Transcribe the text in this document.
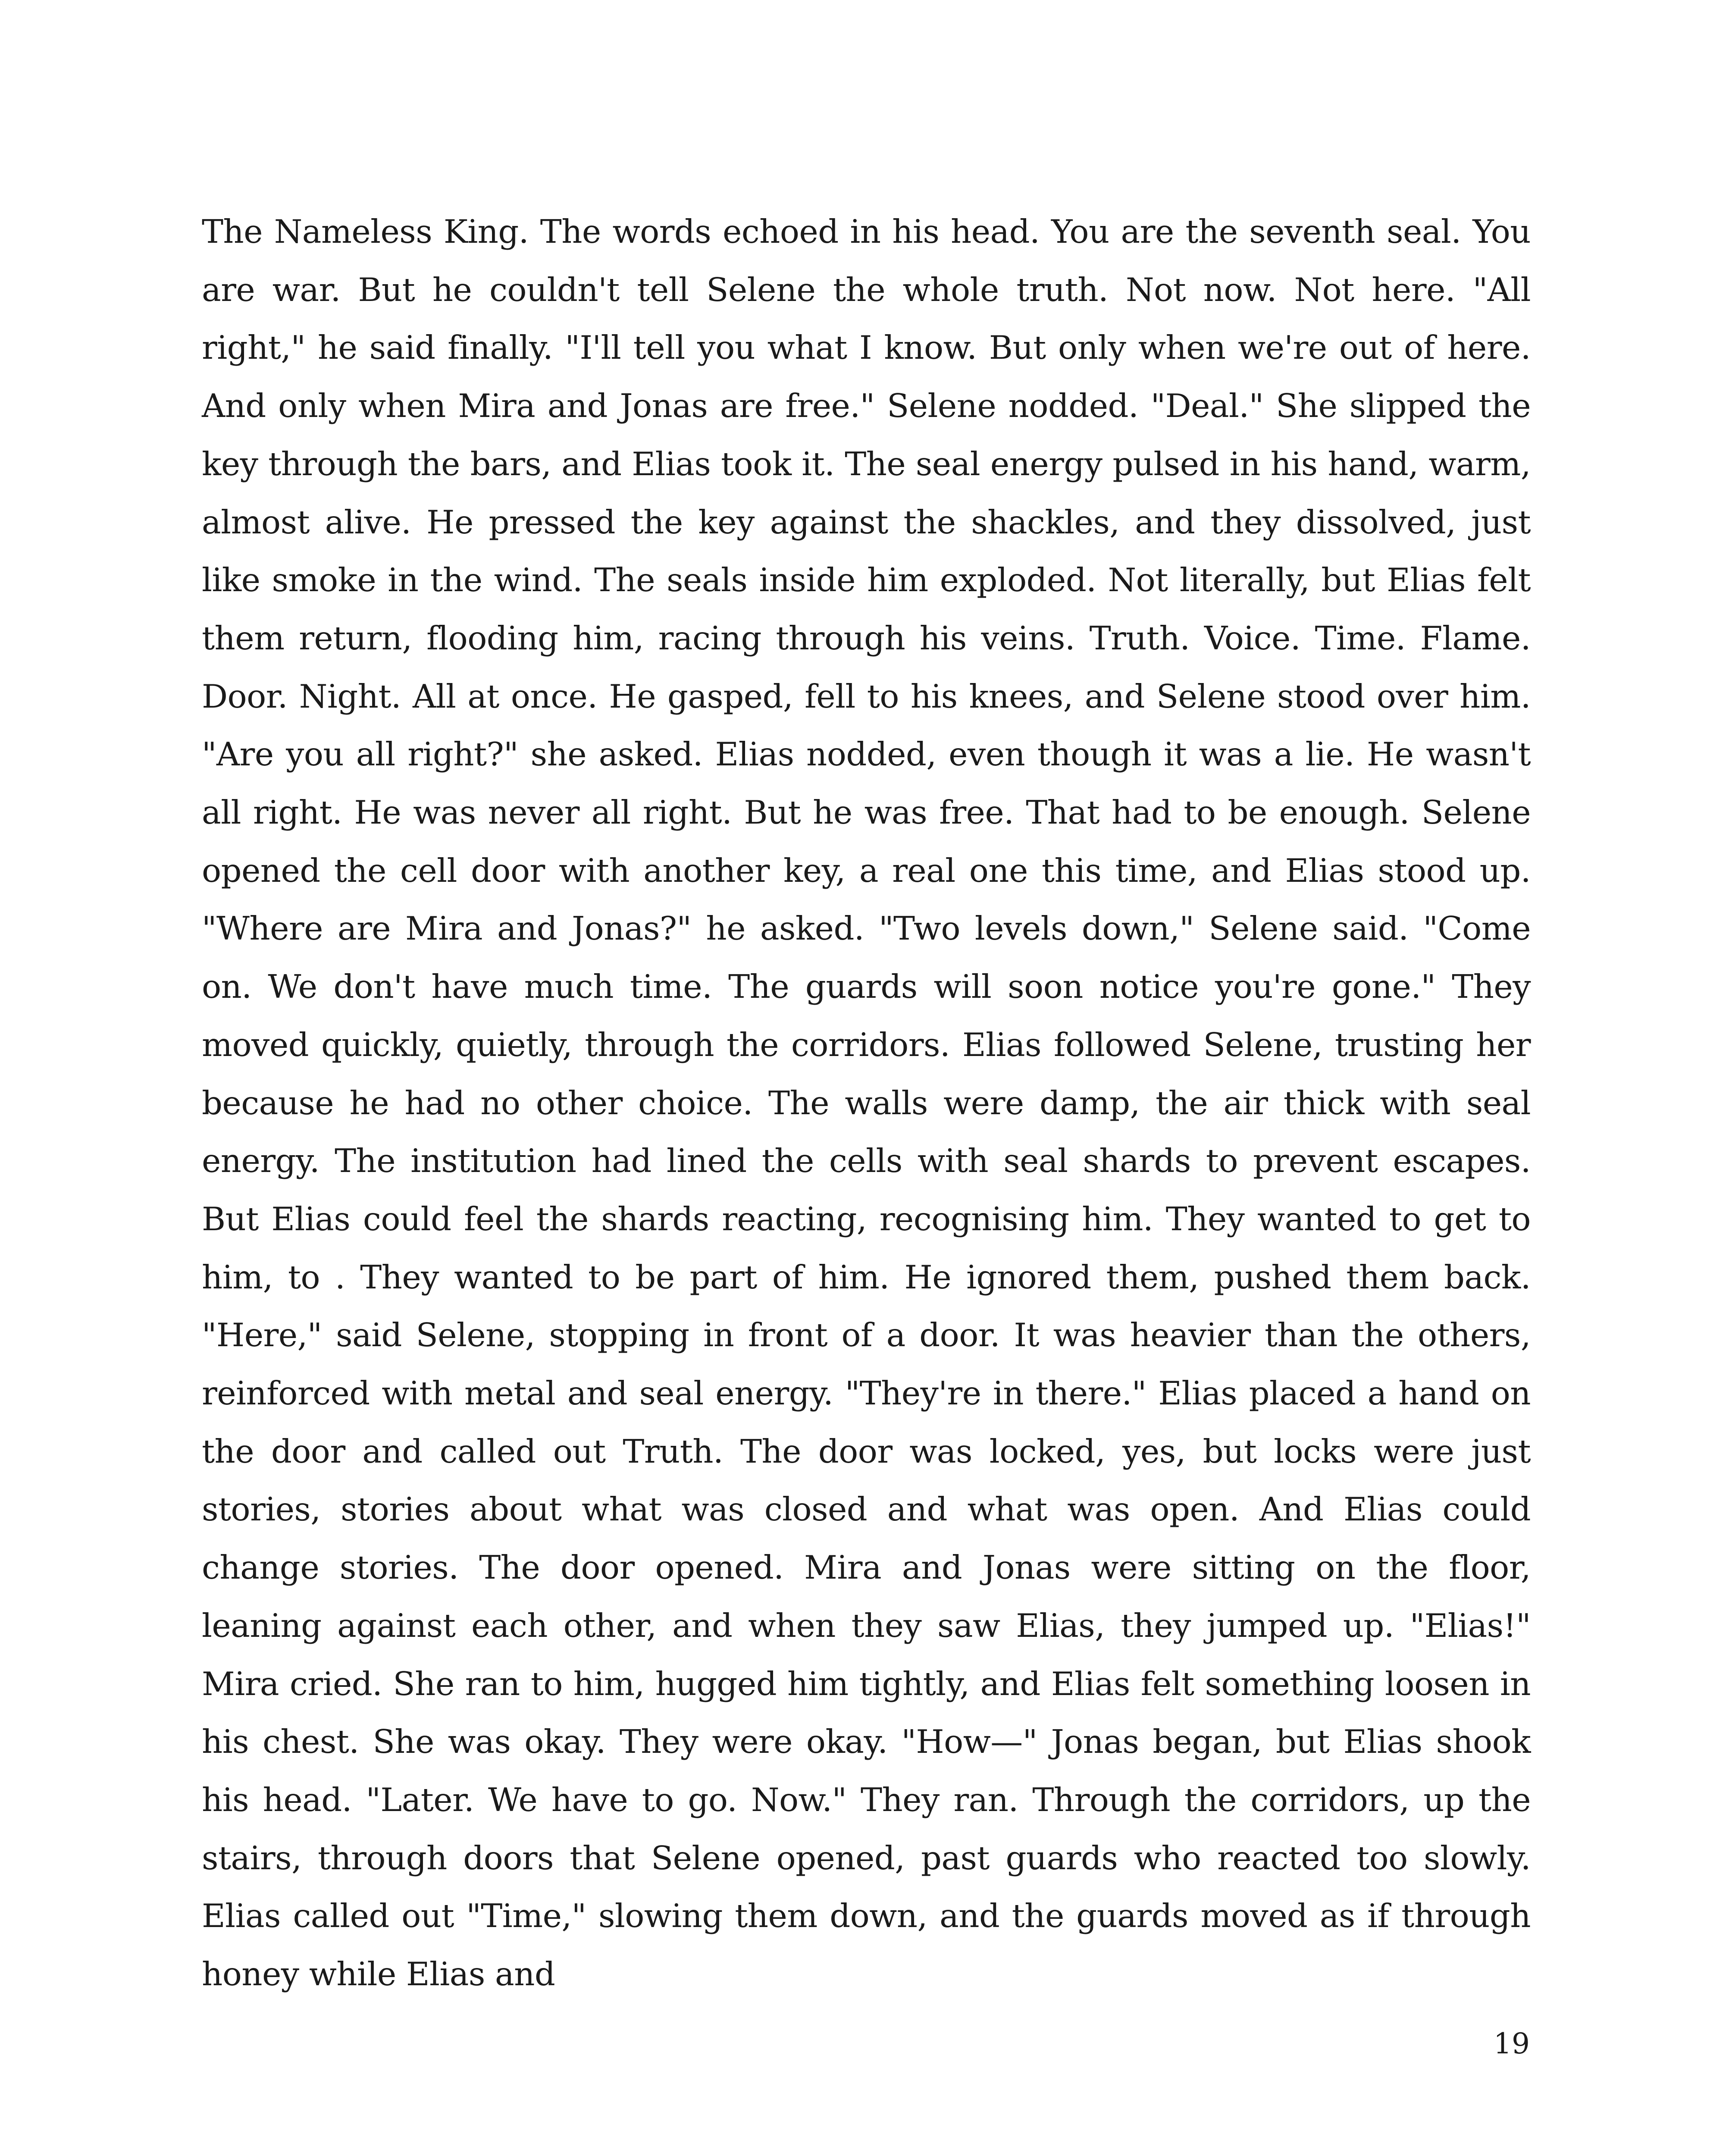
The Nameless King. The words echoed in his head. You are the seventh seal. You are war. But he couldn't tell Selene the whole truth. Not now. Not here. "All right," he said finally. "I'll tell you what I know. But only when we're out of here. And only when Mira and Jonas are free." Selene nodded. "Deal." She slipped the key through the bars, and Elias took it. The seal energy pulsed in his hand, warm, almost alive. He pressed the key against the shackles, and they dissolved, just like smoke in the wind. The seals inside him exploded. Not literally, but Elias felt them return, flooding him, racing through his veins. Truth. Voice. Time. Flame. Door. Night. All at once. He gasped, fell to his knees, and Selene stood over him. "Are you all right?" she asked. Elias nodded, even though it was a lie. He wasn't all right. He was never all right. But he was free. That had to be enough. Selene opened the cell door with another key, a real one this time, and Elias stood up. "Where are Mira and Jonas?" he asked. "Two levels down," Selene said. "Come on. We don't have much time. The guards will soon notice you're gone." They moved quickly, quietly, through the corridors. Elias followed Selene, trusting her because he had no other choice. The walls were damp, the air thick with seal energy. The institution had lined the cells with seal shards to prevent escapes. But Elias could feel the shards reacting, recognising him. They wanted to get to him, to . They wanted to be part of him. He ignored them, pushed them back. "Here," said Selene, stopping in front of a door. It was heavier than the others, reinforced with metal and seal energy. "They're in there." Elias placed a hand on the door and called out Truth. The door was locked, yes, but locks were just stories, stories about what was closed and what was open. And Elias could change stories. The door opened. Mira and Jonas were sitting on the floor, leaning against each other, and when they saw Elias, they jumped up. "Elias!" Mira cried. She ran to him, hugged him tightly, and Elias felt something loosen in his chest. She was okay. They were okay. "How—" Jonas began, but Elias shook his head. "Later. We have to go. Now." They ran. Through the corridors, up the stairs, through doors that Selene opened, past guards who reacted too slowly. Elias called out "Time," slowing them down, and the guards moved as if through honey while Elias and

19
